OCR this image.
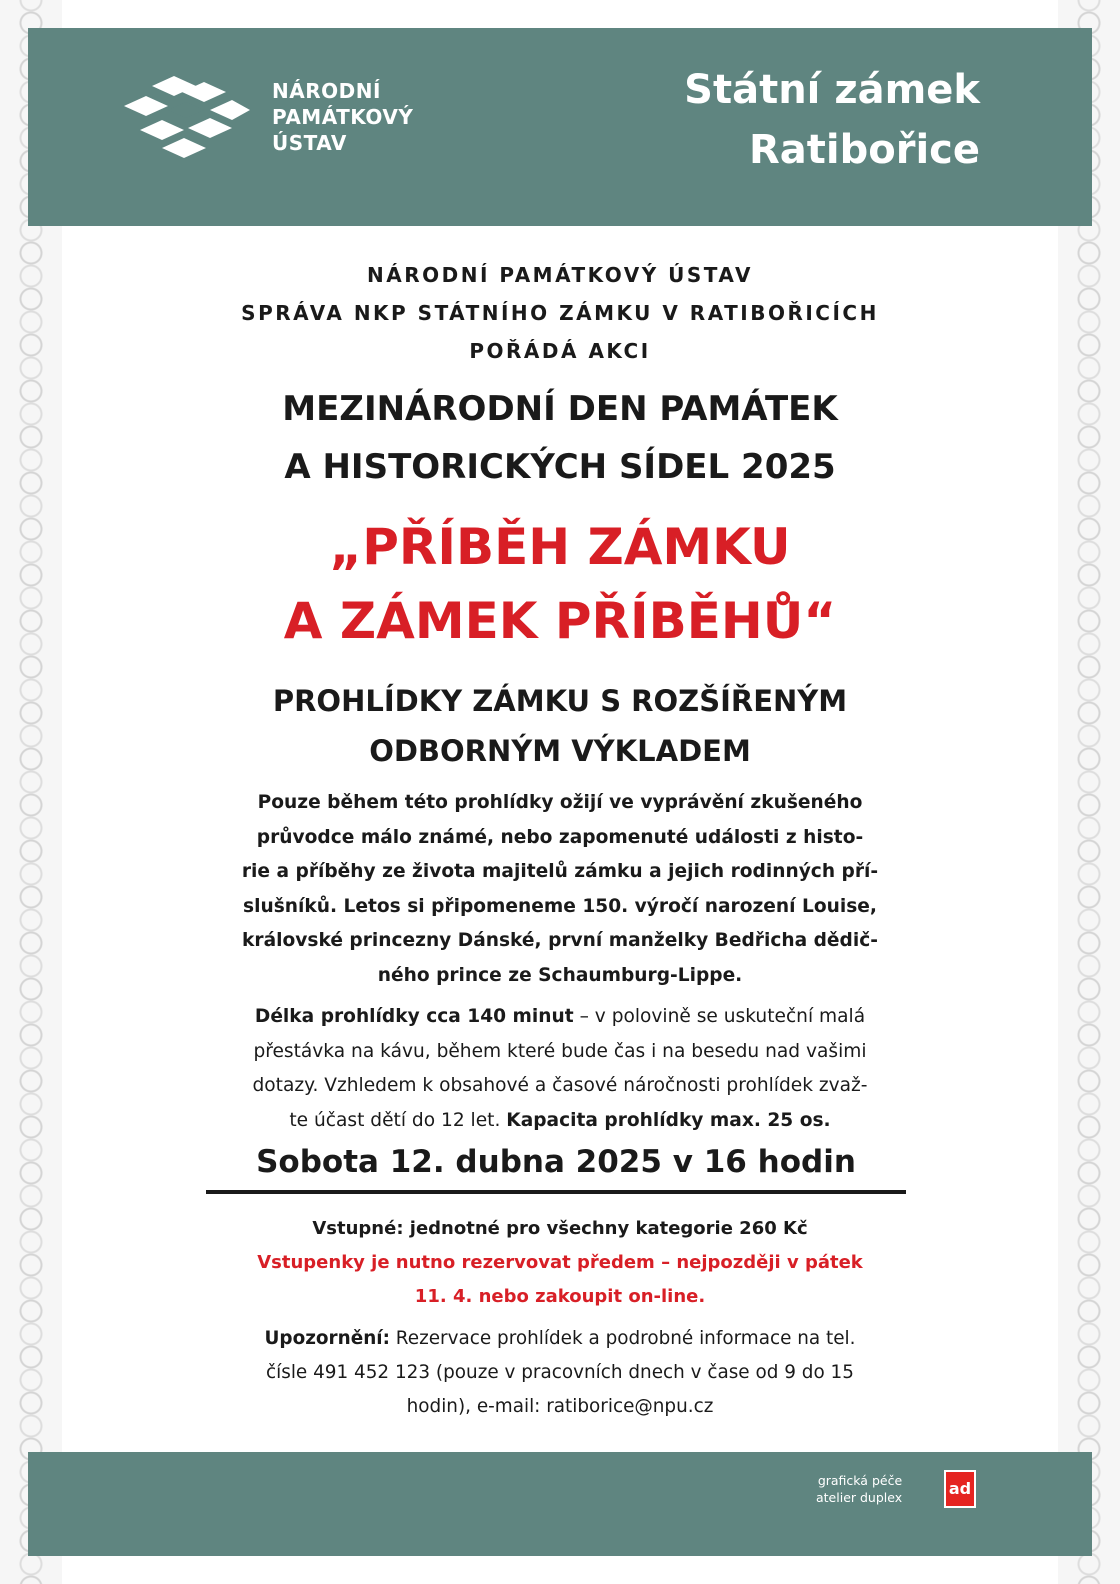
NÁRODNÍ
PAMÁTKOVÝ
ÚSTAV
Státní zámek
Ratibořice
NÁRODNÍ PAMÁTKOVÝ ÚSTAV
SPRÁVA NKP STÁTNÍHO ZÁMKU V RATIBOŘICÍCH
POŘÁDÁ AKCI
MEZINÁRODNÍ DEN PAMÁTEK
A HISTORICKÝCH SÍDEL 2025
„PŘÍBĚH ZÁMKU
A ZÁMEK PŘÍBĚHŮ“
PROHLÍDKY ZÁMKU S ROZŠÍŘENÝM
ODBORNÝM VÝKLADEM
Pouze během této prohlídky ožijí ve vyprávění zkušeného
průvodce málo známé, nebo zapomenuté události z histo-
rie a příběhy ze života majitelů zámku a jejich rodinných pří-
slušníků. Letos si připomeneme 150. výročí narození Louise,
královské princezny Dánské, první manželky Bedřicha dědič-
ného prince ze Schaumburg-Lippe.
Délka prohlídky cca 140 minut – v polovině se uskuteční malá
přestávka na kávu, během které bude čas i na besedu nad vašimi
dotazy. Vzhledem k obsahové a časové náročnosti prohlídek zvaž-
te účast dětí do 12 let. Kapacita prohlídky max. 25 os.
Sobota 12. dubna 2025 v 16 hodin
Vstupné: jednotné pro všechny kategorie 260 Kč
Vstupenky je nutno rezervovat předem – nejpozději v pátek
11. 4. nebo zakoupit on-line.
Upozornění: Rezervace prohlídek a podrobné informace na tel.
čísle 491 452 123 (pouze v pracovních dnech v čase od 9 do 15
hodin), e-mail: ratiborice@npu.cz
grafická péče
atelier duplex	ad
